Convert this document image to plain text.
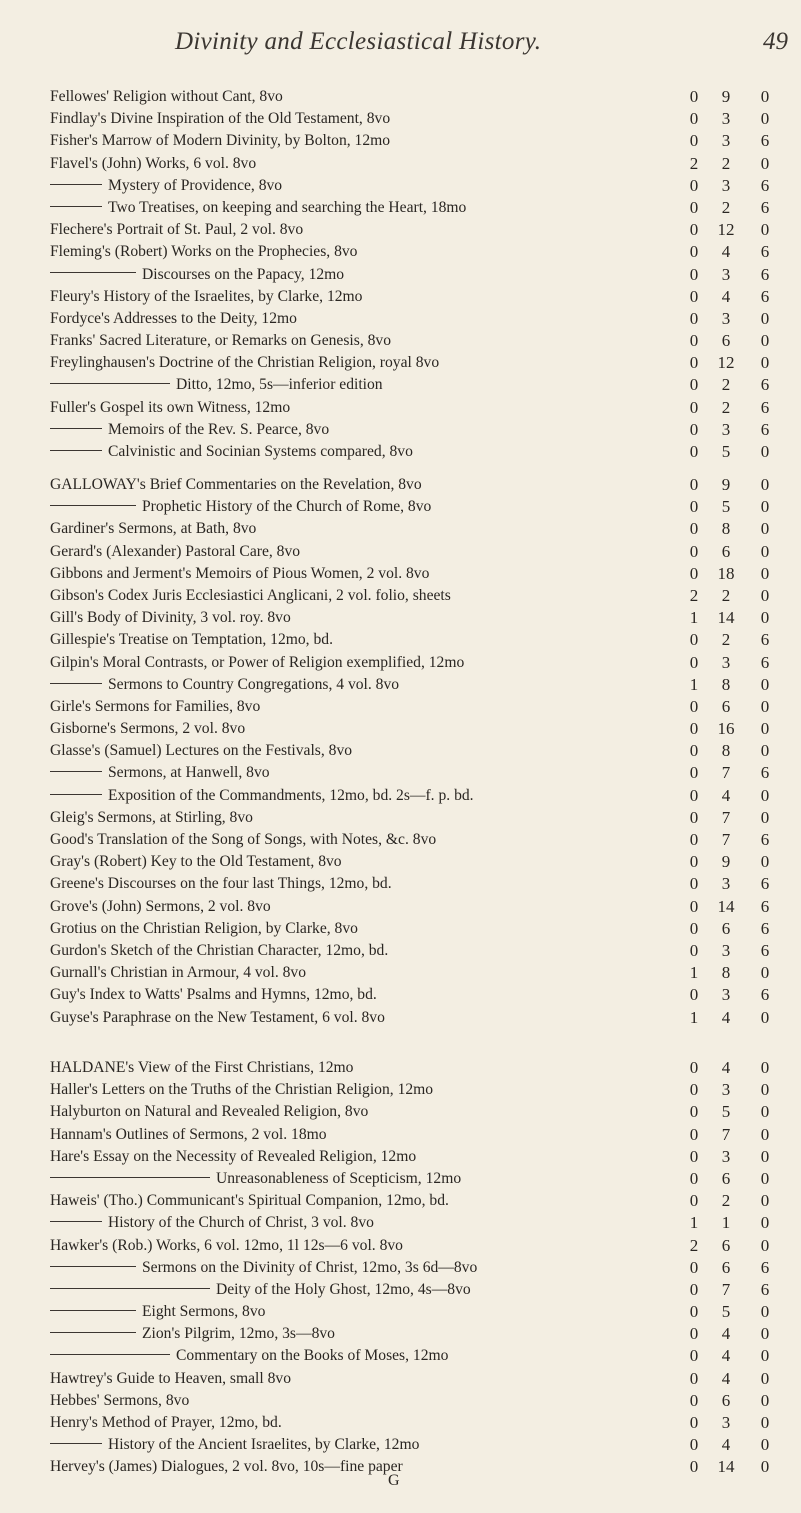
Divinity and Ecclesiastical History.	49
Fellowes' Religion without Cant, 8vo	0	9	0
Findlay's Divine Inspiration of the Old Testament, 8vo	0	3	0
Fisher's Marrow of Modern Divinity, by Bolton, 12mo	0	3	6
Flavel's (John) Works, 6 vol. 8vo	2	2	0
Mystery of Providence, 8vo	0	3	6
Two Treatises, on keeping and searching the Heart, 18mo	0	2	6
Flechere's Portrait of St. Paul, 2 vol. 8vo	0	12	0
Fleming's (Robert) Works on the Prophecies, 8vo	0	4	6
Discourses on the Papacy, 12mo	0	3	6
Fleury's History of the Israelites, by Clarke, 12mo	0	4	6
Fordyce's Addresses to the Deity, 12mo	0	3	0
Franks' Sacred Literature, or Remarks on Genesis, 8vo	0	6	0
Freylinghausen's Doctrine of the Christian Religion, royal 8vo	0	12	0
Ditto, 12mo, 5s—inferior edition	0	2	6
Fuller's Gospel its own Witness, 12mo	0	2	6
Memoirs of the Rev. S. Pearce, 8vo	0	3	6
Calvinistic and Socinian Systems compared, 8vo	0	5	0
GALLOWAY's Brief Commentaries on the Revelation, 8vo	0	9	0
Prophetic History of the Church of Rome, 8vo	0	5	0
Gardiner's Sermons, at Bath, 8vo	0	8	0
Gerard's (Alexander) Pastoral Care, 8vo	0	6	0
Gibbons and Jerment's Memoirs of Pious Women, 2 vol. 8vo	0	18	0
Gibson's Codex Juris Ecclesiastici Anglicani, 2 vol. folio, sheets	2	2	0
Gill's Body of Divinity, 3 vol. roy. 8vo	1	14	0
Gillespie's Treatise on Temptation, 12mo, bd.	0	2	6
Gilpin's Moral Contrasts, or Power of Religion exemplified, 12mo	0	3	6
Sermons to Country Congregations, 4 vol. 8vo	1	8	0
Girle's Sermons for Families, 8vo	0	6	0
Gisborne's Sermons, 2 vol. 8vo	0	16	0
Glasse's (Samuel) Lectures on the Festivals, 8vo	0	8	0
Sermons, at Hanwell, 8vo	0	7	6
Exposition of the Commandments, 12mo, bd. 2s—f. p. bd.	0	4	0
Gleig's Sermons, at Stirling, 8vo	0	7	0
Good's Translation of the Song of Songs, with Notes, &c. 8vo	0	7	6
Gray's (Robert) Key to the Old Testament, 8vo	0	9	0
Greene's Discourses on the four last Things, 12mo, bd.	0	3	6
Grove's (John) Sermons, 2 vol. 8vo	0	14	6
Grotius on the Christian Religion, by Clarke, 8vo	0	6	6
Gurdon's Sketch of the Christian Character, 12mo, bd.	0	3	6
Gurnall's Christian in Armour, 4 vol. 8vo	1	8	0
Guy's Index to Watts' Psalms and Hymns, 12mo, bd.	0	3	6
Guyse's Paraphrase on the New Testament, 6 vol. 8vo	1	4	0
HALDANE's View of the First Christians, 12mo	0	4	0
Haller's Letters on the Truths of the Christian Religion, 12mo	0	3	0
Halyburton on Natural and Revealed Religion, 8vo	0	5	0
Hannam's Outlines of Sermons, 2 vol. 18mo	0	7	0
Hare's Essay on the Necessity of Revealed Religion, 12mo	0	3	0
Unreasonableness of Scepticism, 12mo	0	6	0
Haweis' (Tho.) Communicant's Spiritual Companion, 12mo, bd.	0	2	0
History of the Church of Christ, 3 vol. 8vo	1	1	0
Hawker's (Rob.) Works, 6 vol. 12mo, 1l 12s—6 vol. 8vo	2	6	0
Sermons on the Divinity of Christ, 12mo, 3s 6d—8vo	0	6	6
Deity of the Holy Ghost, 12mo, 4s—8vo	0	7	6
Eight Sermons, 8vo	0	5	0
Zion's Pilgrim, 12mo, 3s—8vo	0	4	0
Commentary on the Books of Moses, 12mo	0	4	0
Hawtrey's Guide to Heaven, small 8vo	0	4	0
Hebbes' Sermons, 8vo	0	6	0
Henry's Method of Prayer, 12mo, bd.	0	3	0
History of the Ancient Israelites, by Clarke, 12mo	0	4	0
Hervey's (James) Dialogues, 2 vol. 8vo, 10s—fine paper	0	14	0
G
